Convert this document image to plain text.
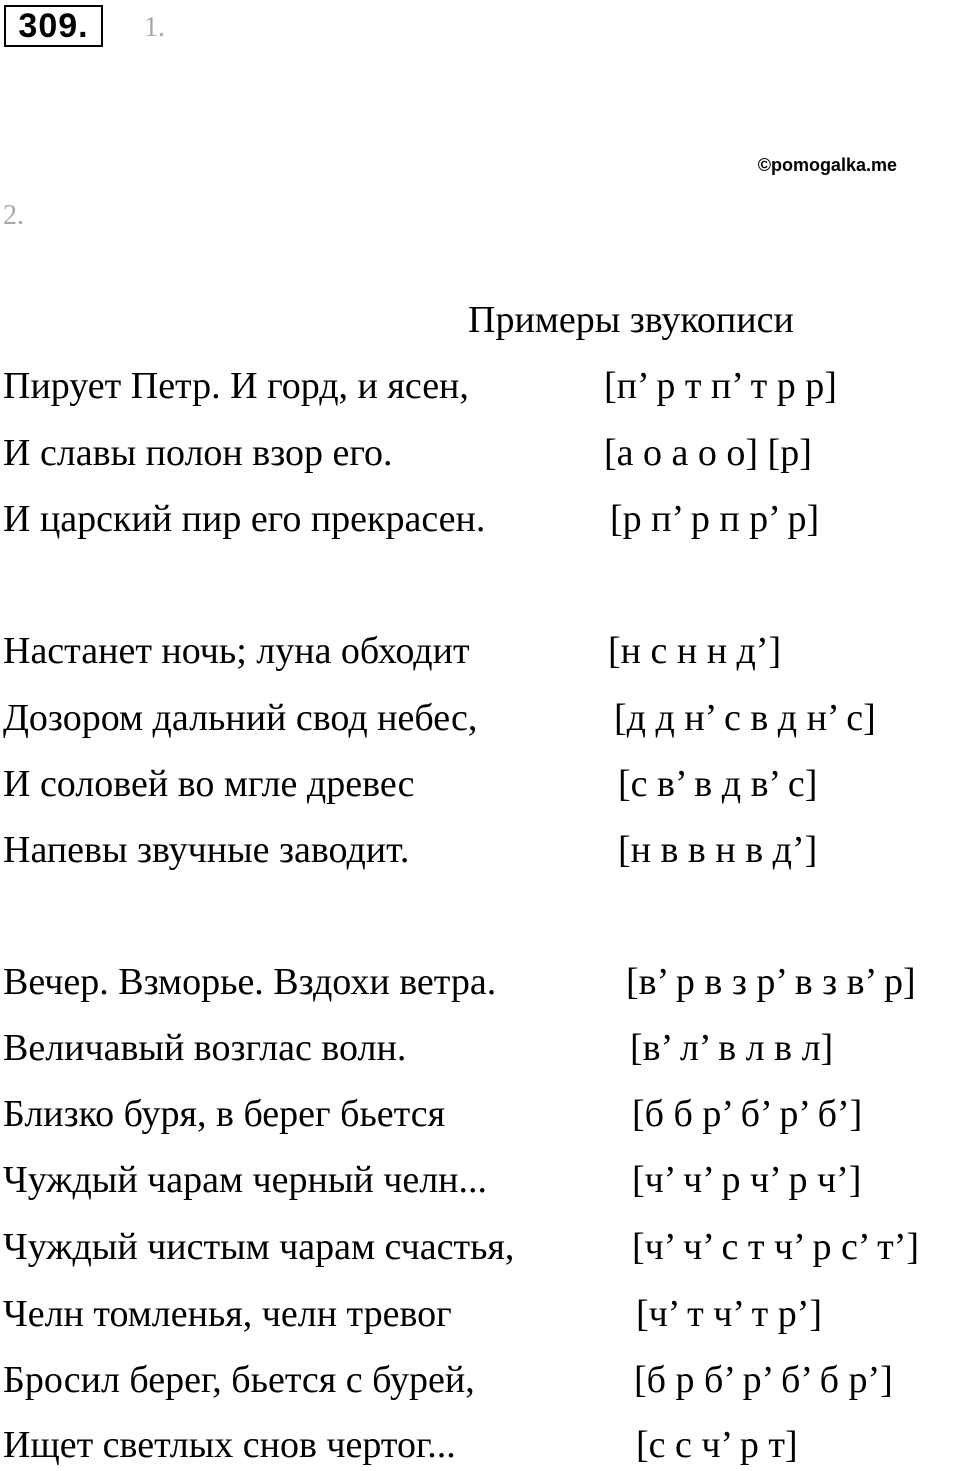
309.	1.
©pomogalka.me
2.
Примеры звукописи
Пирует Петр. И горд, и ясен,	[п’ р т п’ т р р]
И славы полон взор его.	[а о а о о] [р]
И царский пир его прекрасен.	[р п’ р п р’ р]
Настанет ночь; луна обходит	[н с н н д’]
Дозором дальний свод небес,	[д д н’ с в д н’ с]
И соловей во мгле древес	[с в’ в д в’ с]
Напевы звучные заводит.	[н в в н в д’]
Вечер. Взморье. Вздохи ветра.	[в’ р в з р’ в з в’ р]
Величавый возглас волн.	[в’ л’ в л в л]
Близко буря, в берег бьется	[б б р’ б’ р’ б’]
Чуждый чарам черный челн...	[ч’ ч’ р ч’ р ч’]
Чуждый чистым чарам счастья,	[ч’ ч’ с т ч’ р с’ т’]
Челн томленья, челн тревог	[ч’ т ч’ т р’]
Бросил берег, бьется с бурей,	[б р б’ р’ б’ б р’]
Ищет светлых снов чертог...	[с с ч’ р т]
